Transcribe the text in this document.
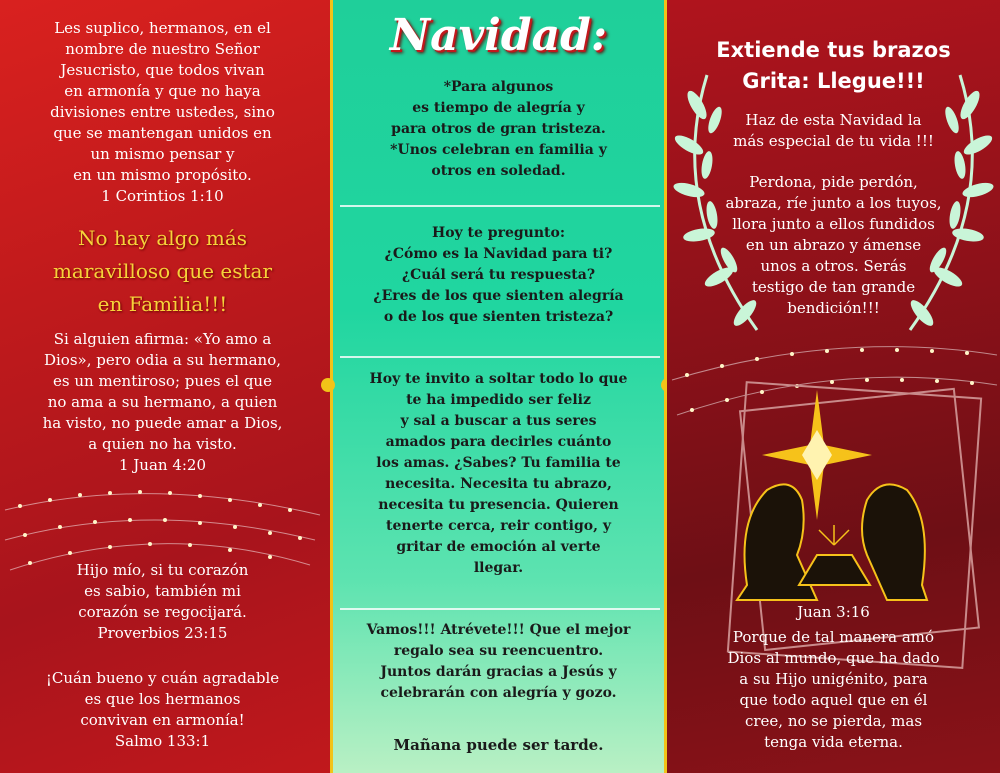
Les suplico, hermanos, en el
nombre de nuestro Señor
Jesucristo, que todos vivan
en armonía y que no haya
divisiones entre ustedes, sino
que se mantengan unidos en
un mismo pensar y
en un mismo propósito.

1 Corintios 1:10

No hay algo más
maravilloso que estar
en Familia!!!

Si alguien afirma: «Yo amo a
Dios», pero odia a su hermano,
es un mentiroso; pues el que
no ama a su hermano, a quien
ha visto, no puede amar a Dios,
a quien no ha visto.

1 Juan 4:20

Hijo mío, si tu corazón
es sabio, también mi
corazón se regocijará.

Proverbios 23:15

¡Cuán bueno y cuán agradable
es que los hermanos
convivan en armonía!

Salmo 133:1

Navidad:

*Para algunos
es tiempo de alegría y
para otros de gran tristeza.
*Unos celebran en familia y
otros en soledad.

Hoy te pregunto:
¿Cómo es la Navidad para ti?
¿Cuál será tu respuesta?
¿Eres de los que sienten alegría
o de los que sienten tristeza?

Hoy te invito a soltar todo lo que
te ha impedido ser feliz
y sal a buscar a tus seres
amados para decirles cuánto
los amas. ¿Sabes? Tu familia te
necesita. Necesita tu abrazo,
necesita tu presencia. Quieren
tenerte cerca, reir contigo, y
gritar de emoción al verte
llegar.

Vamos!!! Atrévete!!! Que el mejor
regalo sea su reencuentro.
Juntos darán gracias a Jesús y
celebrarán con alegría y gozo.

Mañana puede ser tarde.

Extiende tus brazos
Grita: Llegue!!!

Haz de esta Navidad la
más especial de tu vida !!!

Perdona, pide perdón,
abraza, ríe junto a los tuyos,
llora junto a ellos fundidos
en un abrazo y ámense
unos a otros. Serás
testigo de tan grande
bendición!!!

Juan 3:16

Porque de tal manera amó
Dios al mundo, que ha dado
a su Hijo unigénito, para
que todo aquel que en él
cree, no se pierda, mas
tenga vida eterna.
